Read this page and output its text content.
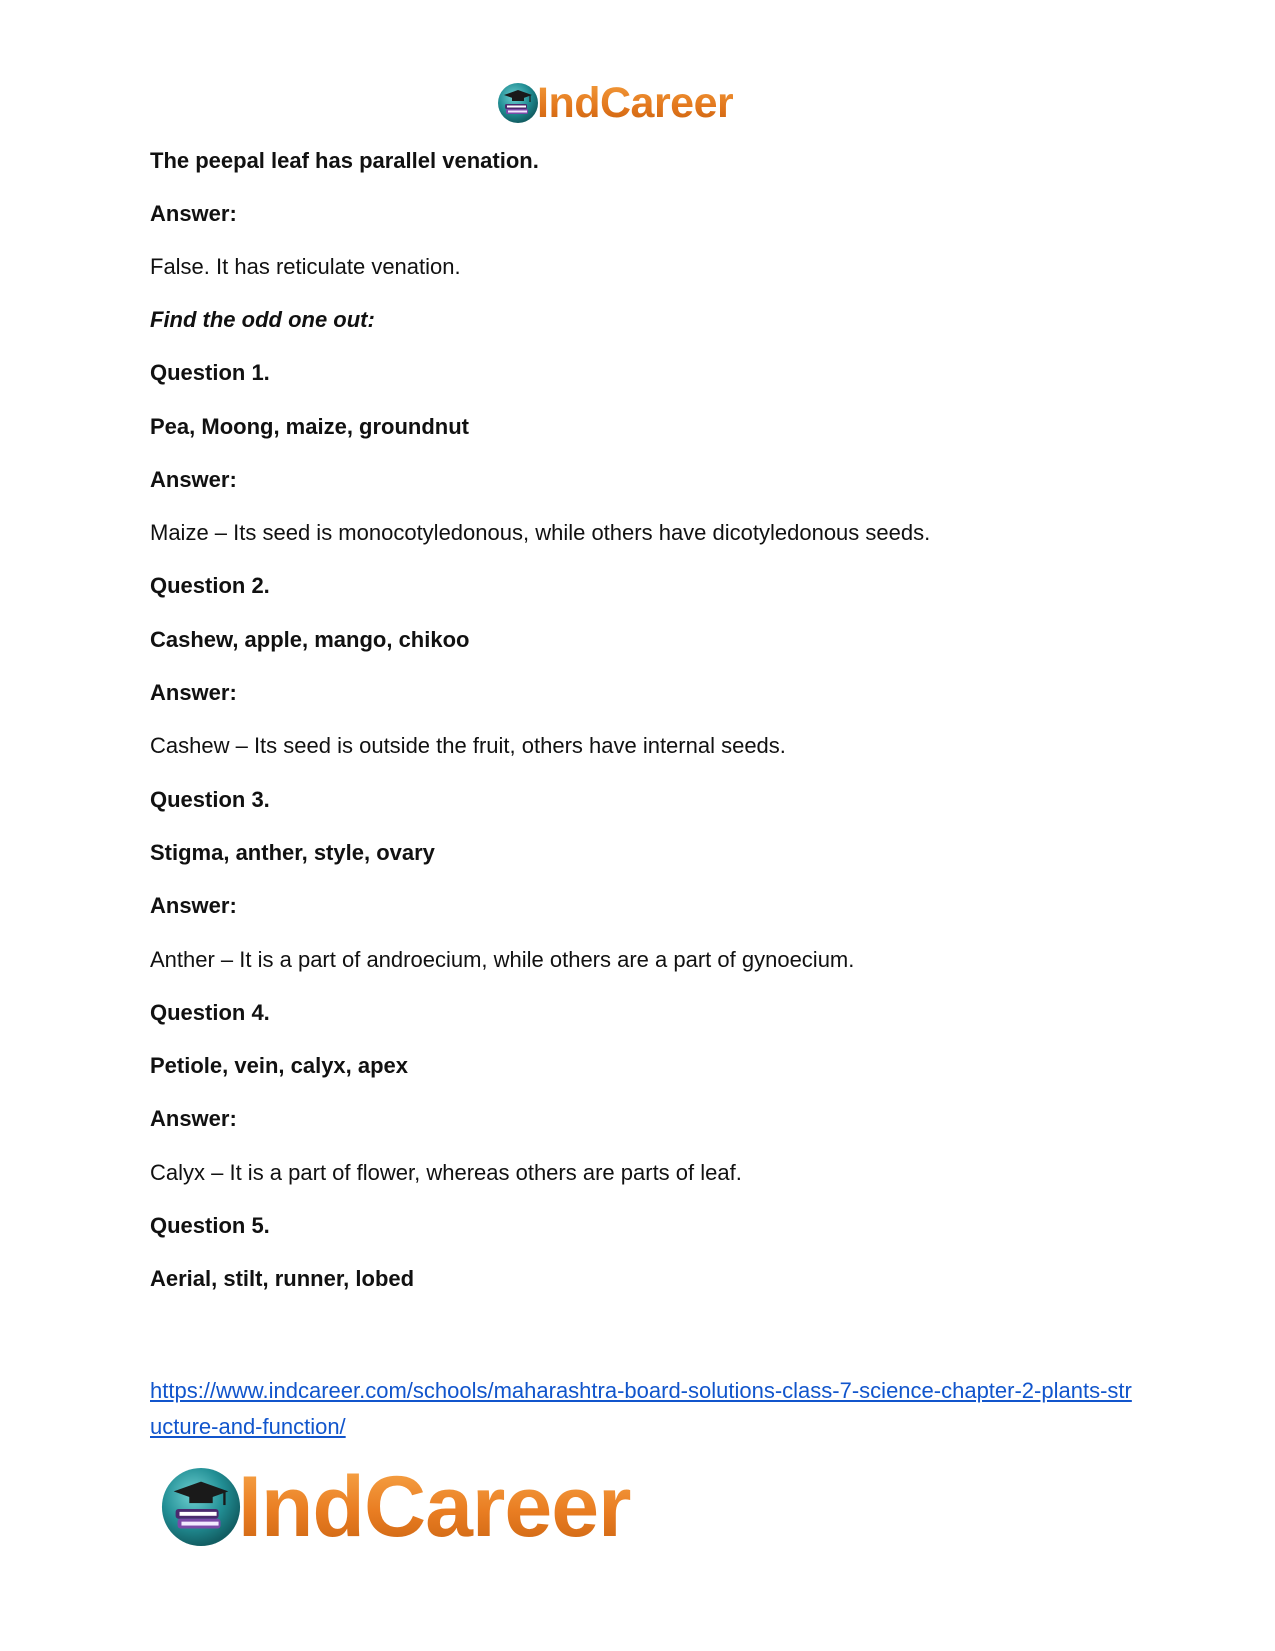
IndCareer
The peepal leaf has parallel venation.
Answer:
False. It has reticulate venation.
Find the odd one out:
Question 1.
Pea, Moong, maize, groundnut
Answer:
Maize – Its seed is monocotyledonous, while others have dicotyledonous seeds.
Question 2.
Cashew, apple, mango, chikoo
Answer:
Cashew – Its seed is outside the fruit, others have internal seeds.
Question 3.
Stigma, anther, style, ovary
Answer:
Anther – It is a part of androecium, while others are a part of gynoecium.
Question 4.
Petiole, vein, calyx, apex
Answer:
Calyx – It is a part of flower, whereas others are parts of leaf.
Question 5.
Aerial, stilt, runner, lobed
https://www.indcareer.com/schools/maharashtra-board-solutions-class-7-science-chapter-2-plants-structure-and-function/
IndCareer
